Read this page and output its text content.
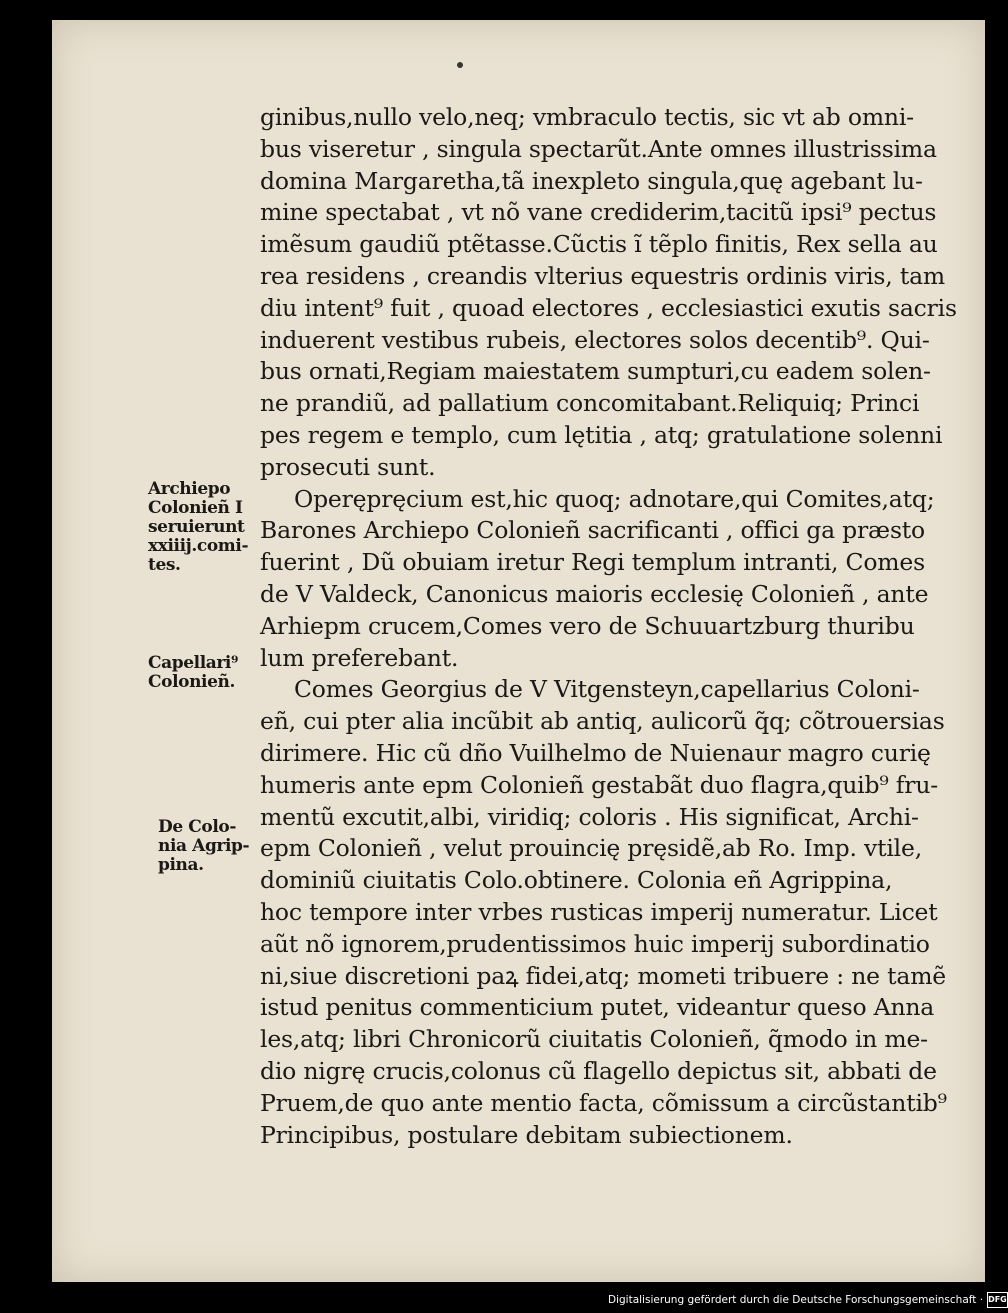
ginibus,nullo velo,neq; vmbraculo tectis, sic vt ab omni-
bus viseretur , singula spectarũt.Ante omnes illustrissima
domina Margaretha,tã inexpleto singula,quę agebant lu-
mine spectabat , vt nõ vane crediderim,tacitũ ipsi⁹ pectus
imẽsum gaudiũ ptẽtasse.Cũctis ĩ tẽplo finitis, Rex sella au
rea residens , creandis vlterius equestris ordinis viris, tam
diu intent⁹ fuit , quoad electores , ecclesiastici exutis sacris
induerent vestibus rubeis, electores solos decentib⁹. Qui-
bus ornati,Regiam maiestatem sumpturi,cu eadem solen-
ne prandiũ, ad pallatium concomitabant.Reliquiq; Princi
pes regem e templo, cum lętitia , atq; gratulatione solenni
prosecuti sunt.
Operępręcium est,hic quoq; adnotare,qui Comites,atq;
Barones Archiepo Colonieñ sacrificanti , offici ga præsto
fuerint , Dũ obuiam iretur Regi templum intranti, Comes
de V Valdeck, Canonicus maioris ecclesię Colonieñ , ante
Arhiepm crucem,Comes vero de Schuuartzburg thuribu
lum preferebant.
Comes Georgius de V Vitgensteyn,capellarius Coloni-
eñ, cui pter alia incũbit ab antiq, aulicorũ q̃q; cõtrouersias
dirimere. Hic cũ dño Vuilhelmo de Nuienaur magro curię
humeris ante epm Colonieñ gestabãt duo flagra,quib⁹ fru-
mentũ excutit,albi, viridiq; coloris . His significat, Archi-
epm Colonieñ , velut prouincię pręsidẽ,ab Ro. Imp. vtile,
dominiũ ciuitatis Colo.obtinere. Colonia eñ Agrippina,
hoc tempore inter vrbes rusticas imperij numeratur. Licet
aũt nõ ignorem,prudentissimos huic imperij subordinatio
ni,siue discretioni paꝝ fidei,atq; mometi tribuere : ne tamẽ
istud penitus commenticium putet, videantur queso Anna
les,atq; libri Chronicorũ ciuitatis Colonieñ, q̃modo in me-
dio nigrę crucis,colonus cũ flagello depictus sit, abbati de
Pruem,de quo ante mentio facta, cõmissum a circũstantib⁹
Principibus, postulare debitam subiectionem.
Archiepo
Colonieñ I
seruierunt
xxiiij.comi-
tes.
Capellari⁹
Colonieñ.
De Colo-
nia Agrip-
pina.
Digitalisierung gefördert durch die Deutsche Forschungsgemeinschaft · DFG
